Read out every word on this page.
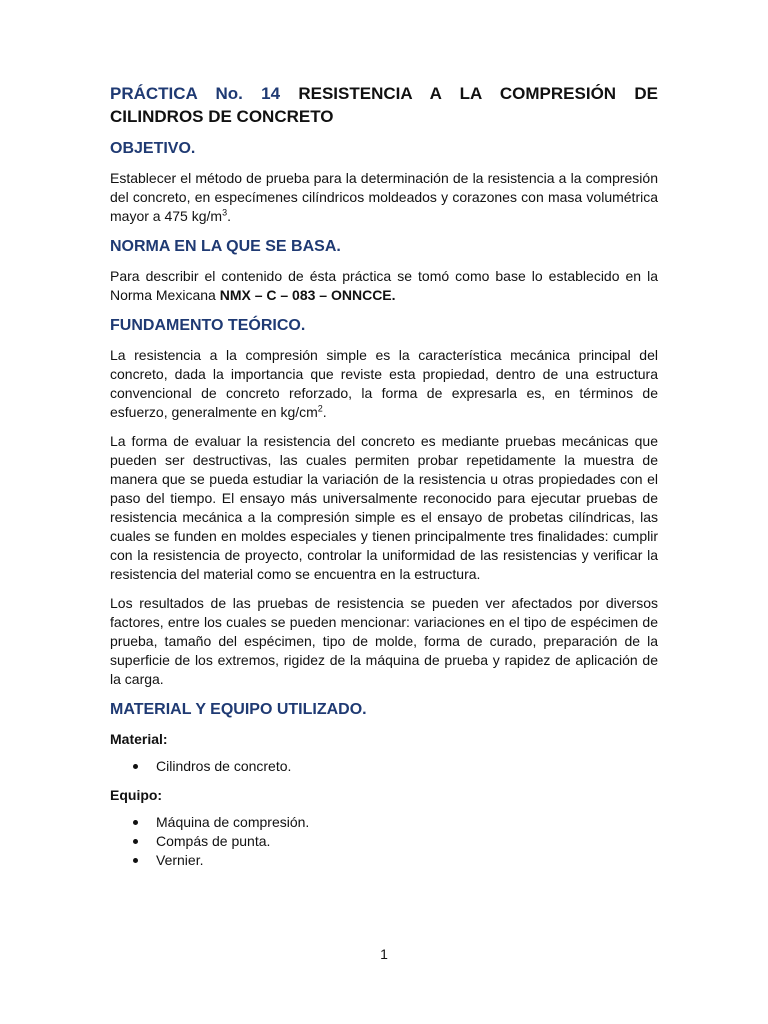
PRÁCTICA No. 14 RESISTENCIA A LA COMPRESIÓN DE CILINDROS DE CONCRETO
OBJETIVO.

Establecer el método de prueba para la determinación de la resistencia a la compresión del concreto, en especímenes cilíndricos moldeados y corazones con masa volumétrica mayor a 475 $kg/m^3$.

NORMA EN LA QUE SE BASA.

Para describir el contenido de ésta práctica se tomó como base lo establecido en la Norma Mexicana NMX – C – 083 – ONNCCE.

FUNDAMENTO TEÓRICO.

La resistencia a la compresión simple es la característica mecánica principal del concreto, dada la importancia que reviste esta propiedad, dentro de una estructura convencional de concreto reforzado, la forma de expresarla es, en términos de esfuerzo, generalmente en $kg/cm^2$.

La forma de evaluar la resistencia del concreto es mediante pruebas mecánicas que pueden ser destructivas, las cuales permiten probar repetidamente la muestra de manera que se pueda estudiar la variación de la resistencia u otras propiedades con el paso del tiempo. El ensayo más universalmente reconocido para ejecutar pruebas de resistencia mecánica a la compresión simple es el ensayo de probetas cilíndricas, las cuales se funden en moldes especiales y tienen principalmente tres finalidades: cumplir con la resistencia de proyecto, controlar la uniformidad de las resistencias y verificar la resistencia del material como se encuentra en la estructura.

Los resultados de las pruebas de resistencia se pueden ver afectados por diversos factores, entre los cuales se pueden mencionar: variaciones en el tipo de espécimen de prueba, tamaño del espécimen, tipo de molde, forma de curado, preparación de la superficie de los extremos, rigidez de la máquina de prueba y rapidez de aplicación de la carga.

MATERIAL Y EQUIPO UTILIZADO.
Material:
Cilindros de concreto.
Equipo:
Máquina de compresión.
Compás de punta.
Vernier.
1
